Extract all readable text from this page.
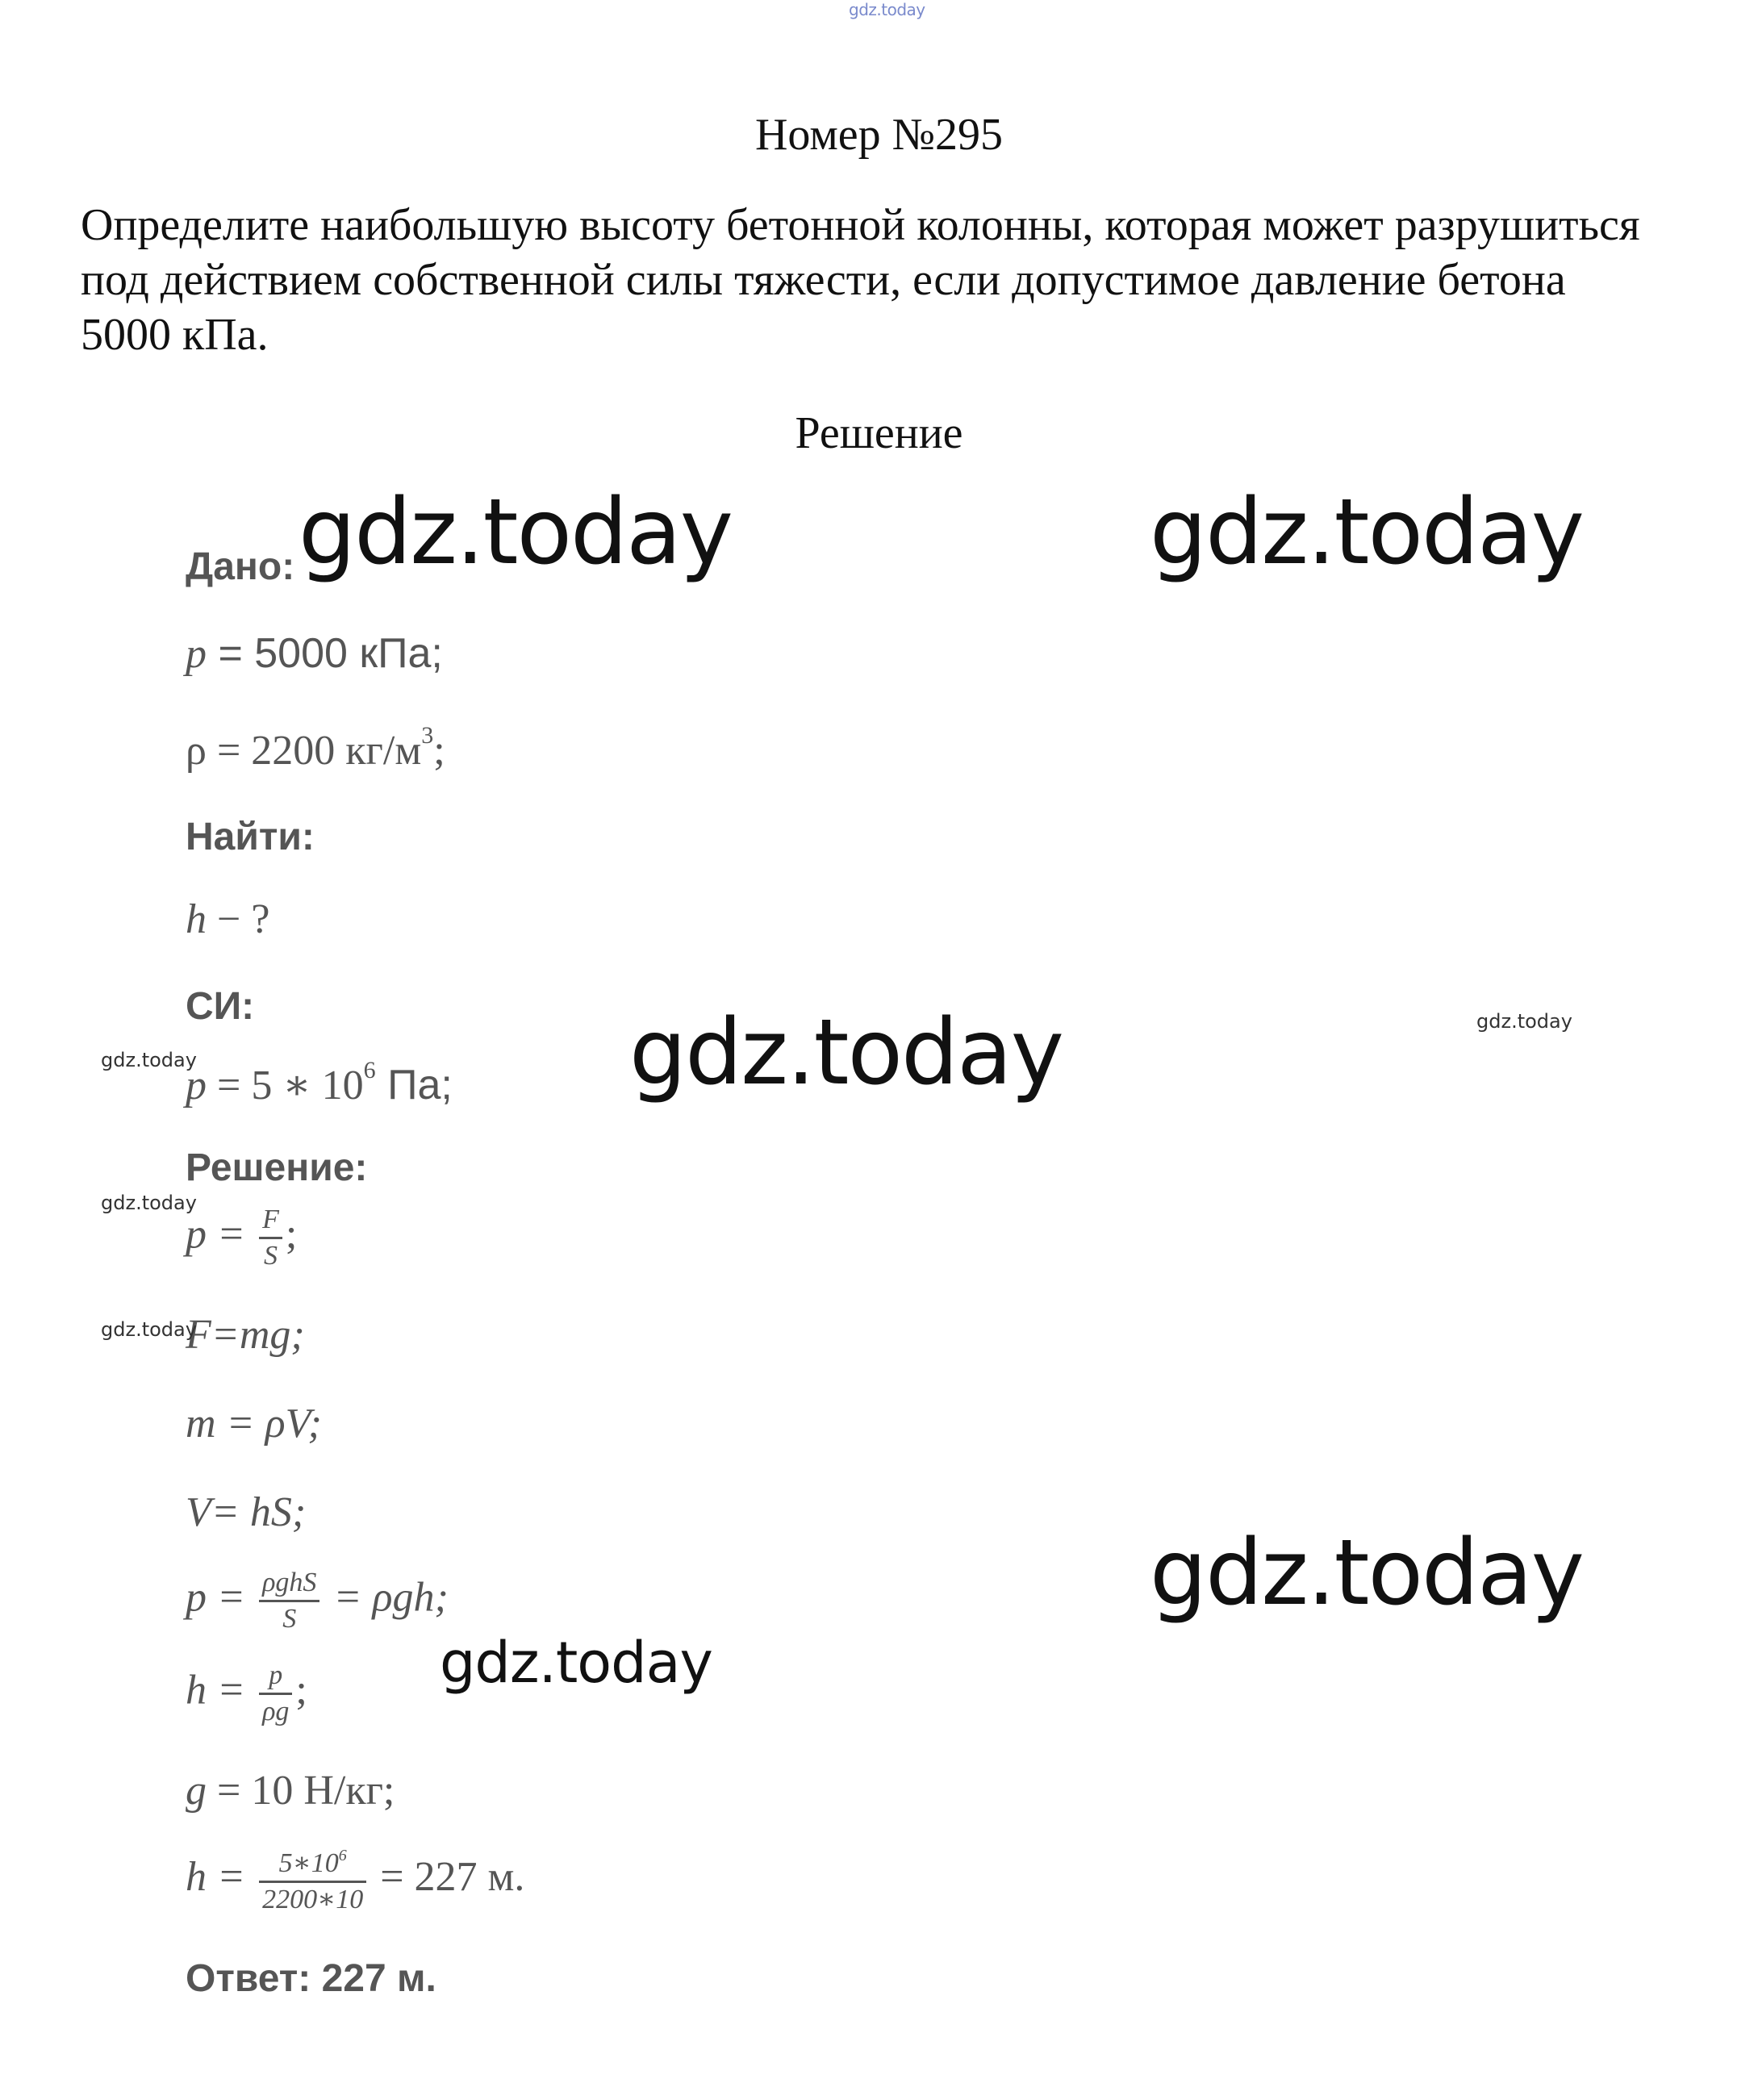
gdz.today
Номер №295
Определите наибольшую высоту бетонной колонны, которая может разрушиться под действием собственной силы тяжести, если допустимое давление бетона 5000 кПа.
Решение
Дано:
p = 5000 кПа;
ρ = 2200 $кг/м^3$;
Найти:
h − ?
СИ:
p = 5 ∗ $10^6$ Па;
Решение:
$p = \frac{F}{S}$ ;
F=mg;
m = ρV;
V= hS;
$p = \frac{\text{ρghS}}{S} = \rho gh$;
$h = \frac{p}{\rho g}$ ;
g = 10 Н/кг;
$h = \frac{5∗10^6}{2200∗10} = 227$ м.
Ответ: 227 м.
gdz.today	gdz.today
gdz.today
gdz.today
gdz.today
gdz.today
gdz.today
gdz.today
gdz.today
